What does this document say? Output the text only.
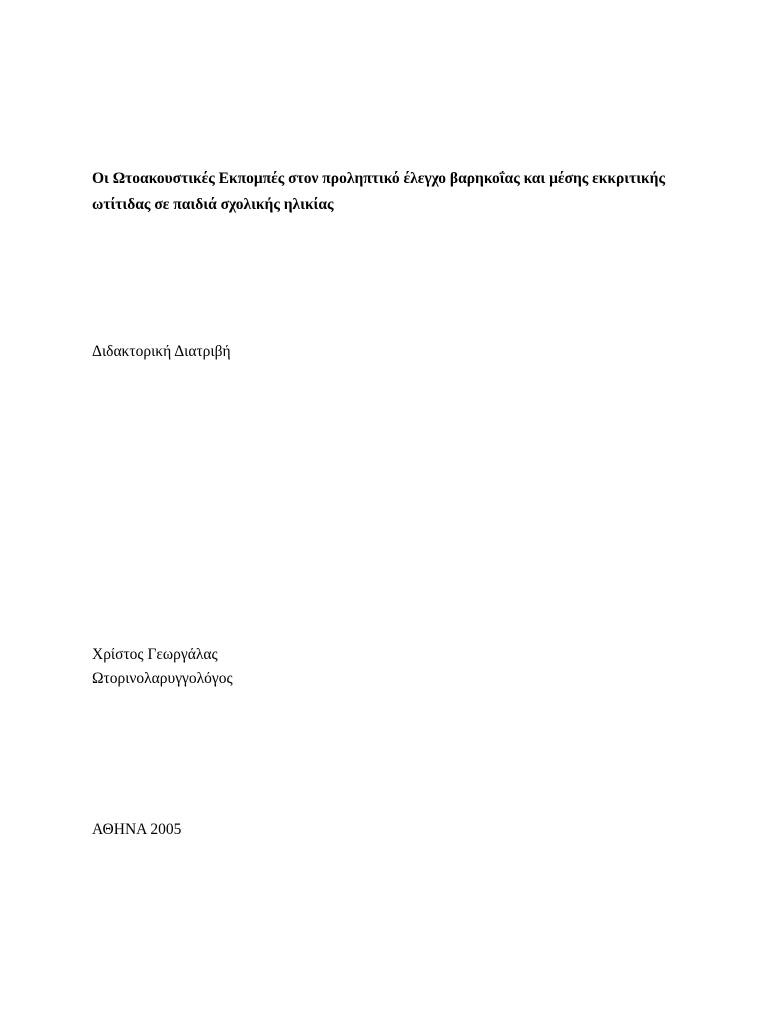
Οι Ωτοακουστικές Εκπομπές στον προληπτικό έλεγχο βαρηκοΐας και μέσης εκκριτικής
ωτίτιδας σε παιδιά σχολικής ηλικίας

Διδακτορική Διατριβή

Χρίστος Γεωργάλας

Ωτορινολαρυγγολόγος

ΑΘΗΝΑ 2005
